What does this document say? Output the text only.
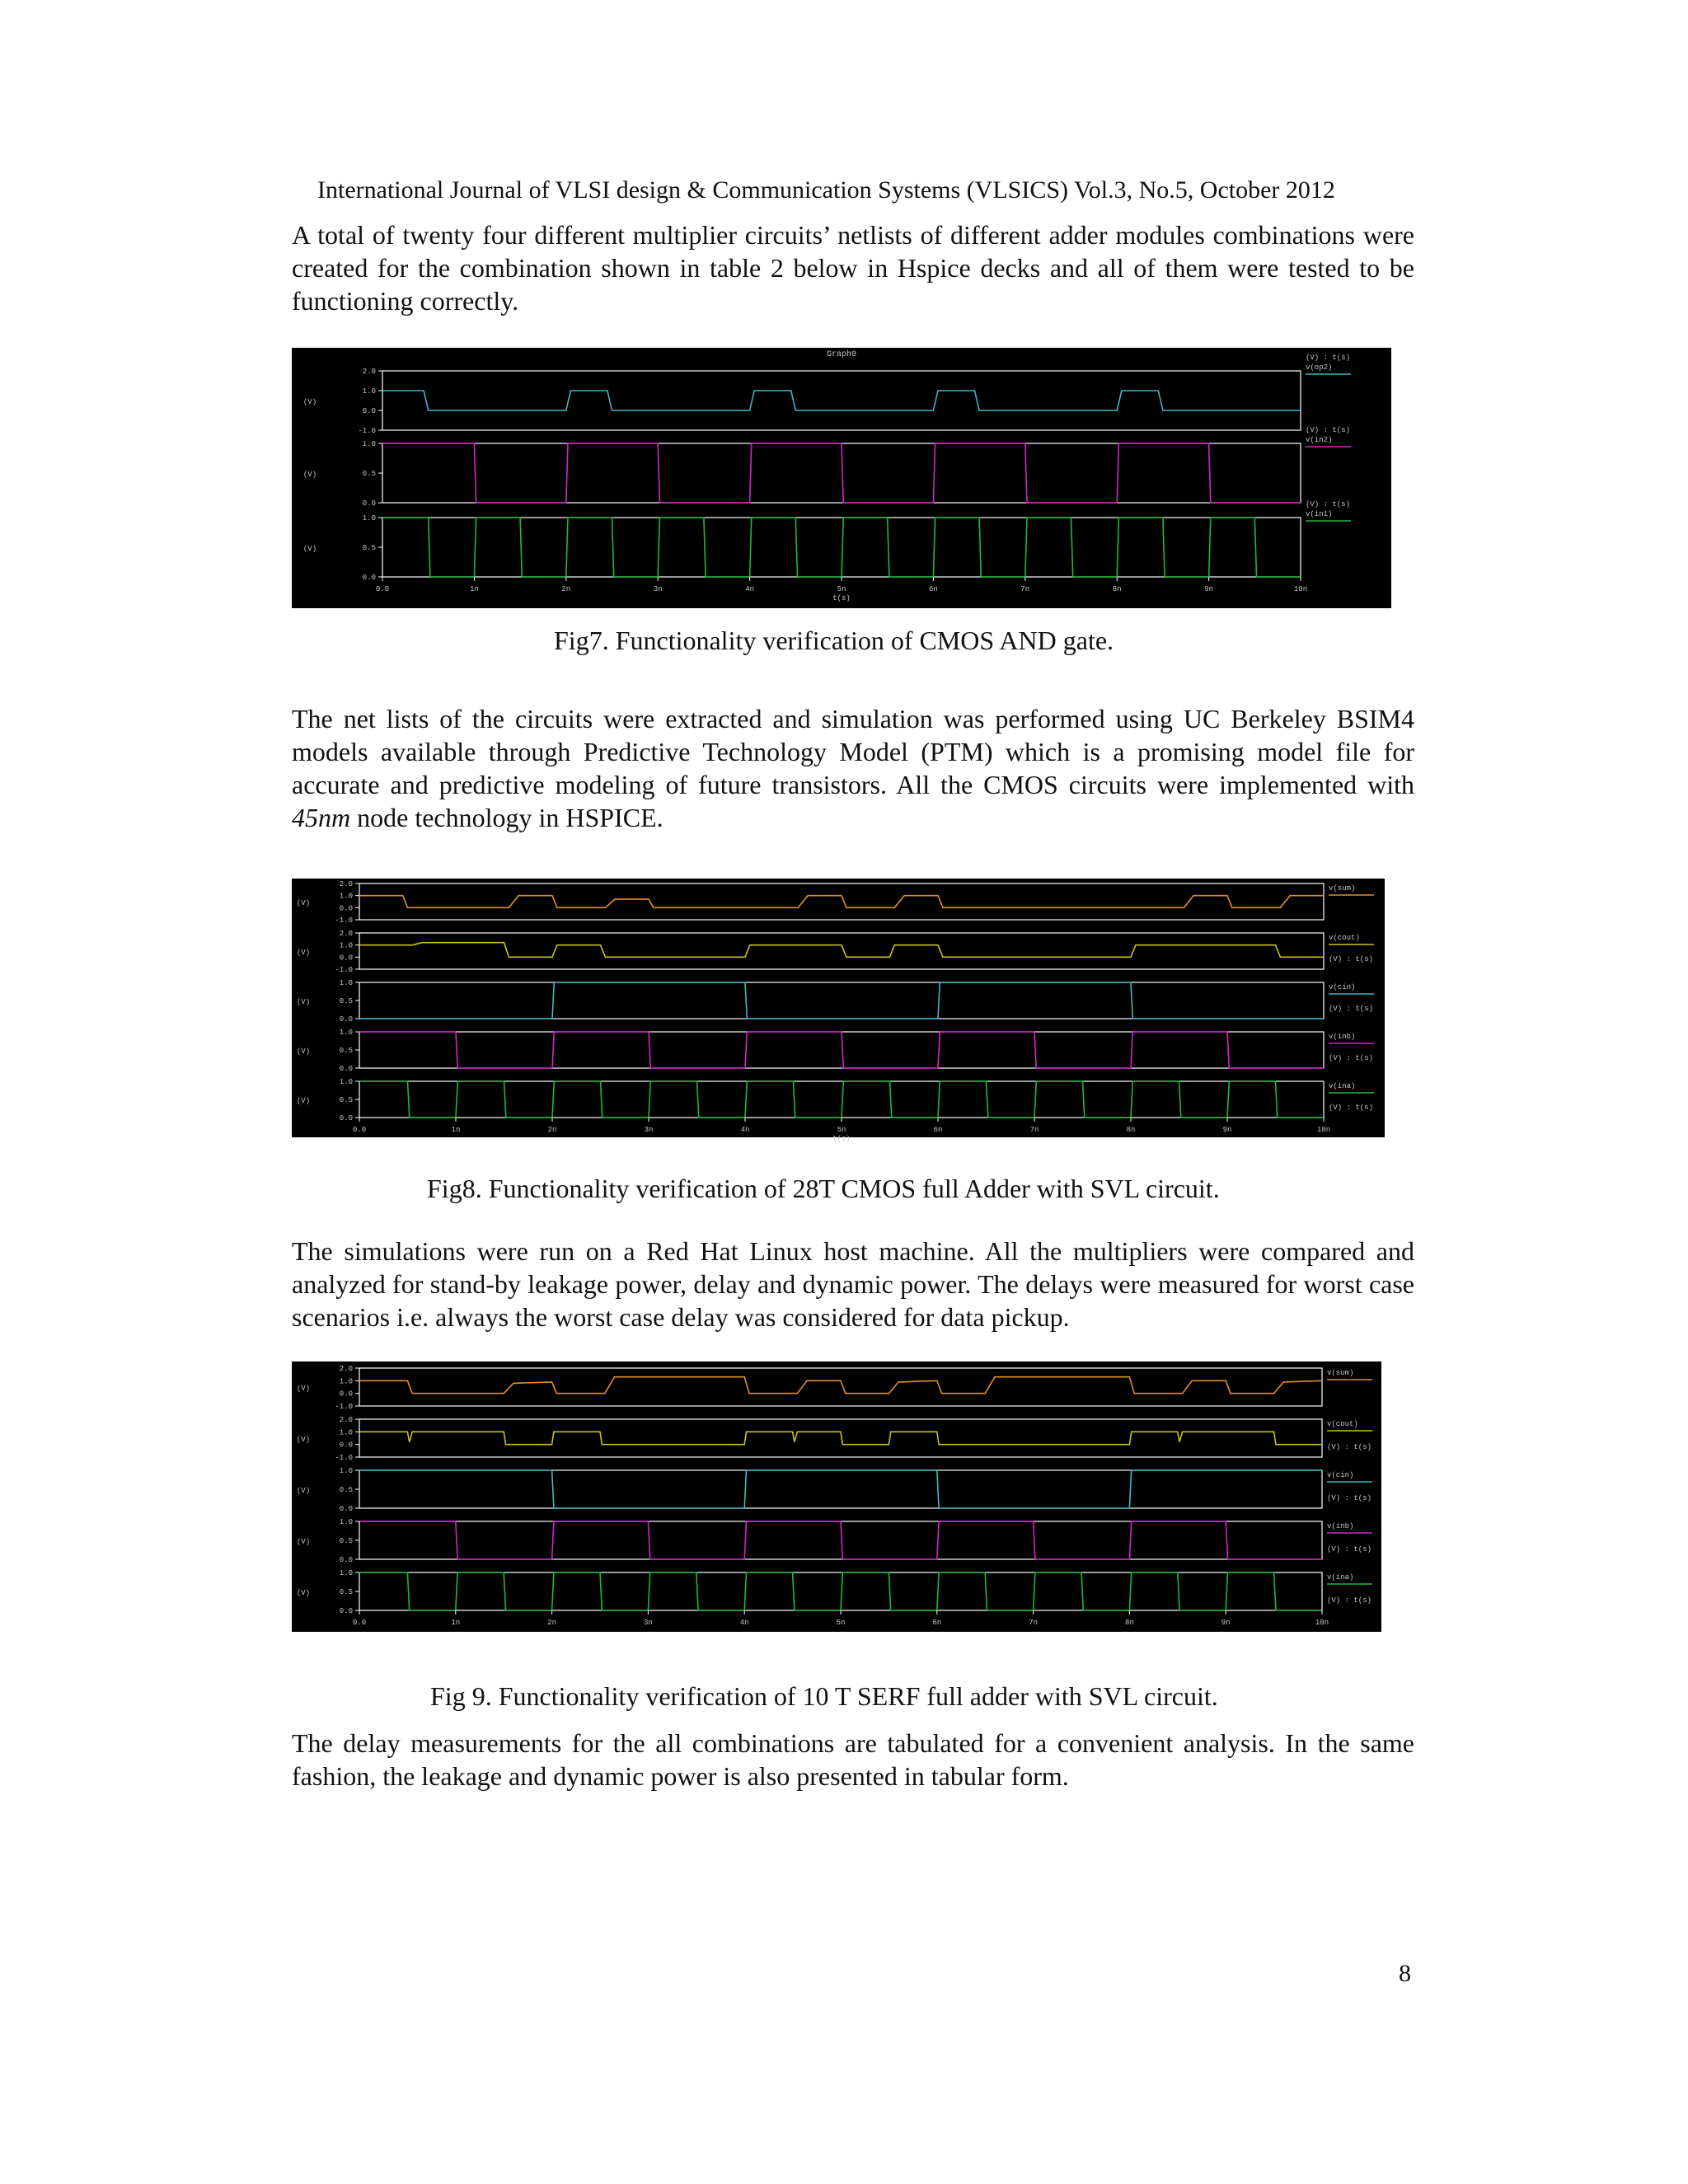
International Journal of VLSI design & Communication Systems (VLSICS) Vol.3, No.5, October 2012
A total of twenty four different multiplier circuits’ netlists of different adder modules combinations were created for the combination shown in table 2 below in Hspice decks and all of them were tested to be functioning correctly.
Graph0
(V)
2.0
1.0
0.0
-1.0
(V) : t(s)
v(op2)
(V)
1.0
0.5
0.0
(V) : t(s)
v(in2)
(V)
1.0
0.5
0.0
(V) : t(s)
v(in1)
0.0	1n	2n	3n	4n	5n	6n	7n	8n	9n	10n
t(s)
Fig7. Functionality verification of CMOS AND gate.
The net lists of the circuits were extracted and simulation was performed using UC Berkeley BSIM4 models available through Predictive Technology Model (PTM) which is a promising model file for accurate and predictive modeling of future transistors. All the CMOS circuits were implemented with 45nm node technology in HSPICE.
(V)
2.0
1.0
0.0
-1.0
v(sum)
(V)
2.0
1.0
0.0
-1.0
(V) : t(s)
v(cout)
(V)
1.0
0.5
0.0
(V) : t(s)
v(cin)
(V)
1.0
0.5
0.0
(V) : t(s)
v(inb)
(V)
1.0
0.5
0.0
(V) : t(s)
v(ina)
0.0	1n	2n	3n	4n	5n	6n	7n	8n	9n	10n
t(s)
Fig8. Functionality verification of 28T CMOS full Adder with SVL circuit.
The simulations were run on a Red Hat Linux host machine. All the multipliers were compared and analyzed for stand-by leakage power, delay and dynamic power. The delays were measured for worst case scenarios i.e. always the worst case delay was considered for data pickup.
(V)
2.0
1.0
0.0
-1.0
v(sum)
(V)
2.0
1.0
0.0
-1.0
(V) : t(s)
v(cout)
(V)
1.0
0.5
0.0
(V) : t(s)
v(cin)
(V)
1.0
0.5
0.0
(V) : t(s)
v(inb)
(V)
1.0
0.5
0.0
(V) : t(s)
v(ina)
0.0	1n	2n	3n	4n	5n	6n	7n	8n	9n	10n
Fig 9. Functionality verification of 10 T SERF full adder with SVL circuit.
The delay measurements for the all combinations are tabulated for a convenient analysis. In the same fashion, the leakage and dynamic power is also presented in tabular form.
8
